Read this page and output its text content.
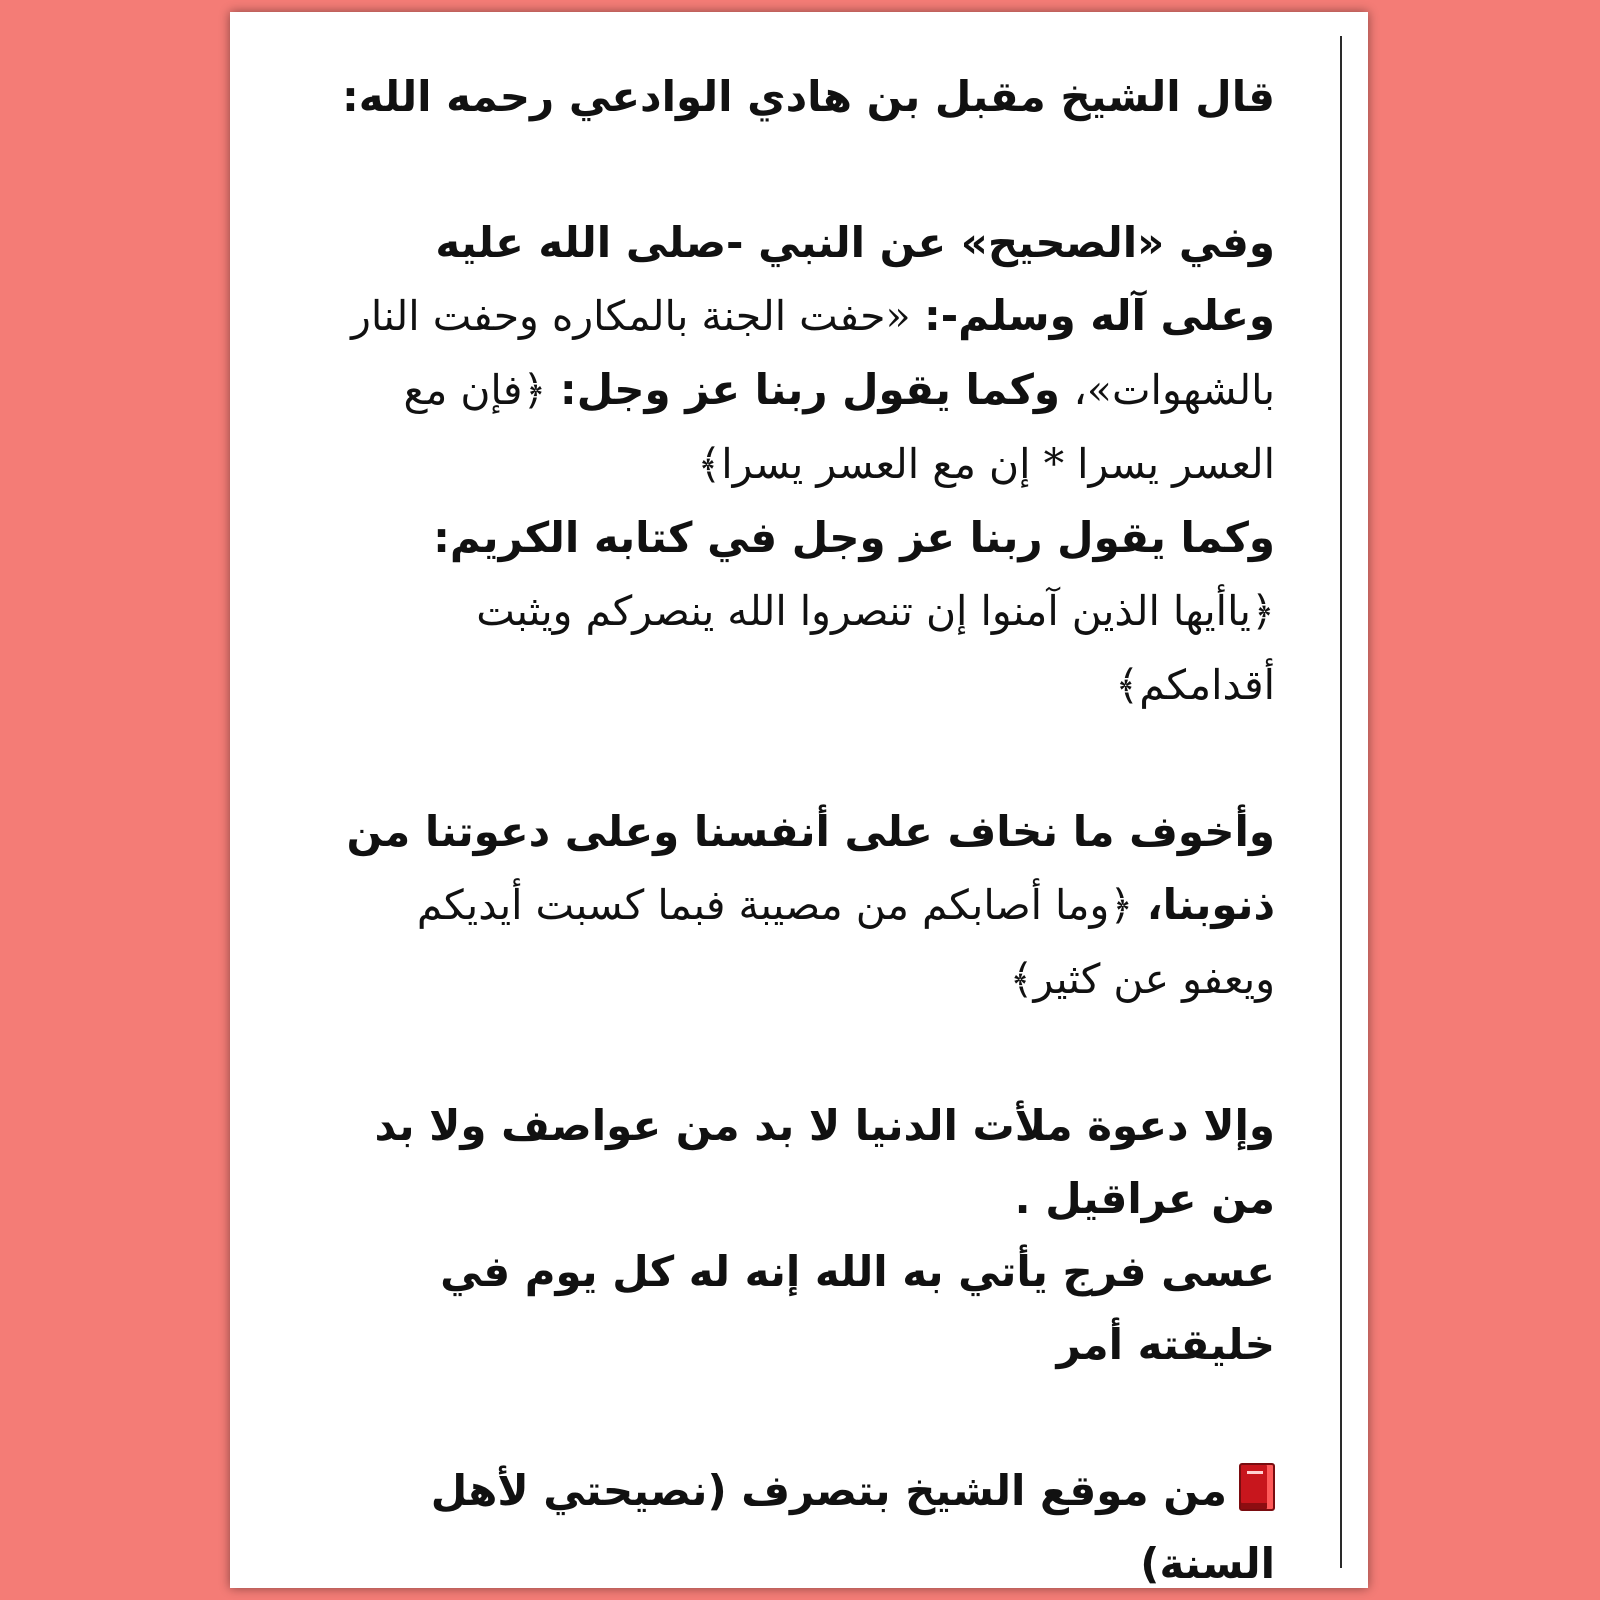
قال الشيخ مقبل بن هادي الوادعي رحمه الله:

وفي «الصحيح» عن النبي -صلى الله عليه وعلى آله وسلم-: «حفت الجنة بالمكاره وحفت النار بالشهوات»، وكما يقول ربنا عز وجل: ﴿فإن مع العسر يسرا * إن مع العسر يسرا﴾

وكما يقول ربنا عز وجل في كتابه الكريم: ﴿ياأيها الذين آمنوا إن تنصروا الله ينصركم ويثبت أقدامكم﴾

وأخوف ما نخاف على أنفسنا وعلى دعوتنا من ذنوبنا، ﴿وما أصابكم من مصيبة فبما كسبت أيديكم ويعفو عن كثير﴾

وإلا دعوة ملأت الدنيا لا بد من عواصف ولا بد من عراقيل .

عسى فرج يأتي به الله إنه له كل يوم في خليقته أمر

من موقع الشيخ بتصرف (نصيحتي لأهل السنة)
